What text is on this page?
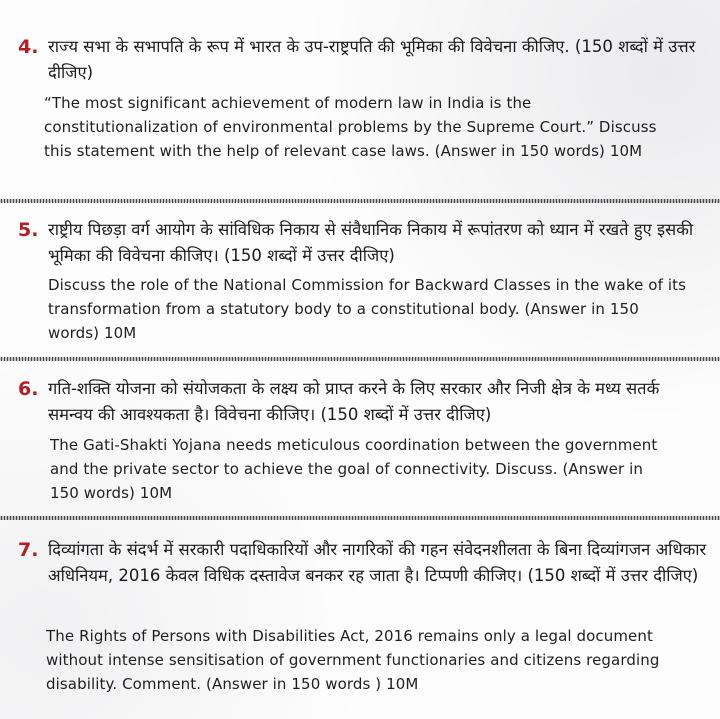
4. राज्य सभा के सभापति के रूप में भारत के उप-राष्ट्रपति की भूमिका की विवेचना कीजिए. (150 शब्दों में उत्तर दीजिए)
“The most significant achievement of modern law in India is the constitutionalization of environmental problems by the Supreme Court.” Discuss this statement with the help of relevant case laws. (Answer in 150 words) 10M
5. राष्ट्रीय पिछड़ा वर्ग आयोग के सांविधिक निकाय से संवैधानिक निकाय में रूपांतरण को ध्यान में रखते हुए इसकी भूमिका की विवेचना कीजिए। (150 शब्दों में उत्तर दीजिए)
Discuss the role of the National Commission for Backward Classes in the wake of its transformation from a statutory body to a constitutional body. (Answer in 150 words) 10M
6. गति-शक्ति योजना को संयोजकता के लक्ष्य को प्राप्त करने के लिए सरकार और निजी क्षेत्र के मध्य सतर्क समन्वय की आवश्यकता है। विवेचना कीजिए। (150 शब्दों में उत्तर दीजिए)
The Gati-Shakti Yojana needs meticulous coordination between the government and the private sector to achieve the goal of connectivity. Discuss. (Answer in 150 words) 10M
7. दिव्यांगता के संदर्भ में सरकारी पदाधिकारियों और नागरिकों की गहन संवेदनशीलता के बिना दिव्यांगजन अधिकार अधिनियम, 2016 केवल विधिक दस्तावेज बनकर रह जाता है। टिप्पणी कीजिए। (150 शब्दों में उत्तर दीजिए)
The Rights of Persons with Disabilities Act, 2016 remains only a legal document without intense sensitisation of government functionaries and citizens regarding disability. Comment. (Answer in 150 words ) 10M
